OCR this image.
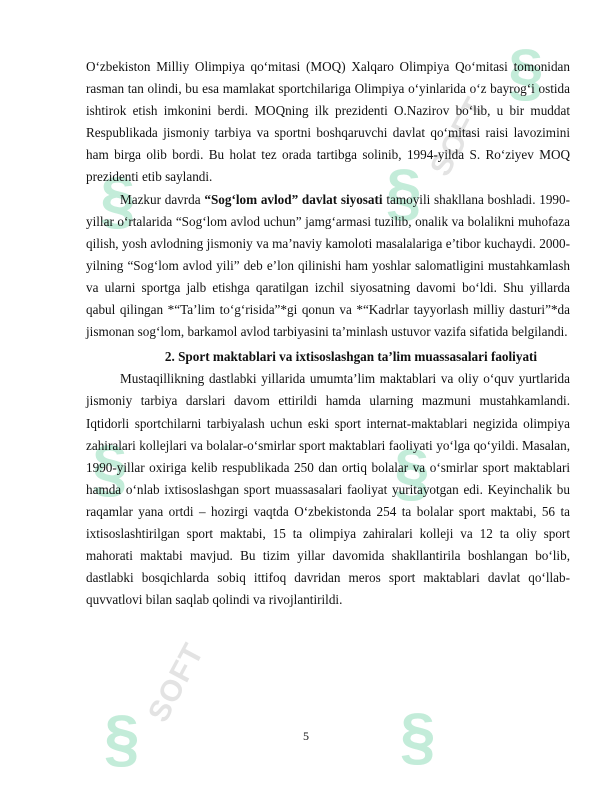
§	§
SOFT
§
§	§
§
SOFT
§

O‘zbekiston Milliy Olimpiya qo‘mitasi (MOQ) Xalqaro Olimpiya Qo‘mitasi tomonidan rasman tan olindi, bu esa mamlakat sportchilariga Olimpiya o‘yinlarida o‘z bayrog‘i ostida ishtirok etish imkonini berdi. MOQning ilk prezidenti O.Nazirov bo‘lib, u bir muddat Respublikada jismoniy tarbiya va sportni boshqaruvchi davlat qo‘mitasi raisi lavozimini ham birga olib bordi. Bu holat tez orada tartibga solinib, 1994-yilda S. Ro‘ziyev MOQ prezidenti etib saylandi.

Mazkur davrda “Sog‘lom avlod” davlat siyosati tamoyili shakllana boshladi. 1990-yillar o‘rtalarida “Sog‘lom avlod uchun” jamg‘armasi tuzilib, onalik va bolalikni muhofaza qilish, yosh avlodning jismoniy va ma’naviy kamoloti masalalariga e’tibor kuchaydi. 2000-yilning “Sog‘lom avlod yili” deb e’lon qilinishi ham yoshlar salomatligini mustahkamlash va ularni sportga jalb etishga qaratilgan izchil siyosatning davomi bo‘ldi. Shu yillarda qabul qilingan *“Ta’lim to‘g‘risida”*gi qonun va *“Kadrlar tayyorlash milliy dasturi”*da jismonan sog‘lom, barkamol avlod tarbiyasini ta’minlash ustuvor vazifa sifatida belgilandi.

2. Sport maktablari va ixtisoslashgan ta’lim muassasalari faoliyati

Mustaqillikning dastlabki yillarida umumta’lim maktablari va oliy o‘quv yurtlarida jismoniy tarbiya darslari davom ettirildi hamda ularning mazmuni mustahkamlandi. Iqtidorli sportchilarni tarbiyalash uchun eski sport internat-maktablari negizida olimpiya zahiralari kollejlari va bolalar-o‘smirlar sport maktablari faoliyati yo‘lga qo‘yildi. Masalan, 1990-yillar oxiriga kelib respublikada 250 dan ortiq bolalar va o‘smirlar sport maktablari hamda o‘nlab ixtisoslashgan sport muassasalari faoliyat yuritayotgan edi. Keyinchalik bu raqamlar yana ortdi – hozirgi vaqtda O‘zbekistonda 254 ta bolalar sport maktabi, 56 ta ixtisoslashtirilgan sport maktabi, 15 ta olimpiya zahiralari kolleji va 12 ta oliy sport mahorati maktabi mavjud. Bu tizim yillar davomida shakllantirila boshlangan bo‘lib, dastlabki bosqichlarda sobiq ittifoq davridan meros sport maktablari davlat qo‘llab-quvvatlovi bilan saqlab qolindi va rivojlantirildi.

5
